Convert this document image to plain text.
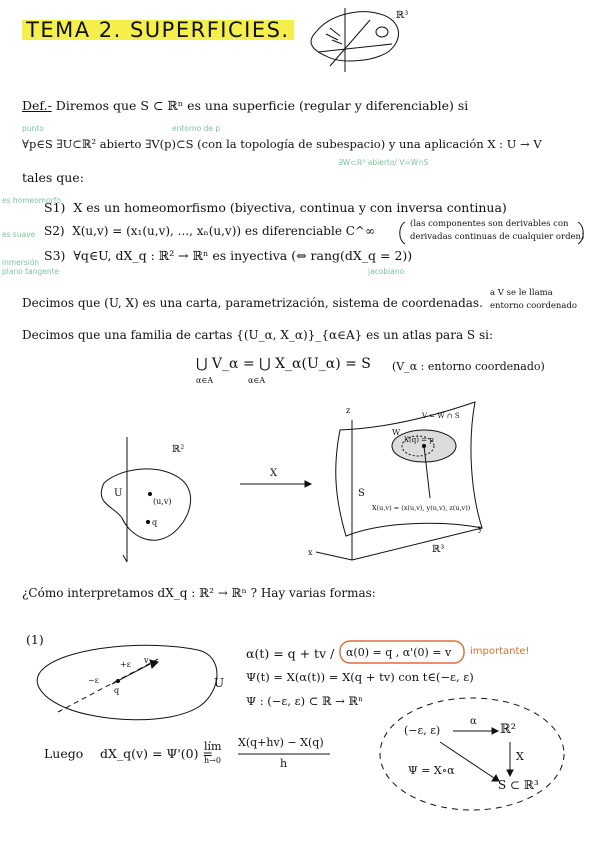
TEMA 2. SUPERFICIES.
ℝ³
Def.- Diremos que S ⊂ ℝⁿ es una superficie (regular y diferenciable) si
punto	entorno de p
∀p∈S ∃U⊂ℝ² abierto ∃V(p)⊂S (con la topología de subespacio) y una aplicación X : U → V
∃W⊂ℝ³ abierto/ V=W∩S
tales que:
es homeomorfo
S1) X es un homeomorfismo (biyectiva, continua y con inversa continua)
es suave S2) X(u,v) = (x₁(u,v), ..., xₙ(u,v)) es diferenciable C^∞	(las componentes son derivables con
derivadas continuas de cualquier orden)
inmersión
plano tangente
S3) ∀q∈U, dX_q : ℝ² → ℝⁿ es inyectiva (⇔ rang(dX_q = 2))
jacobiano
Decimos que (U, X) es una carta, parametrización, sistema de coordenadas.
a V se le llama
entorno coordenado
Decimos que una familia de cartas {(U_α, X_α)}_{α∈A} es un atlas para S si:
⋃ V_α = ⋃ X_α(U_α) = S
α∈A	α∈A
(V_α : entorno coordenado)
ℝ²
U
(u,v)
q
X
S
W
V = W ∩ S
X(q) = p
X(u,v) = (x(u,v), y(u,v), z(u,v))
z
x
y
ℝ³
¿Cómo interpretamos dX_q : ℝ² → ℝⁿ ? Hay varias formas:
(1)
α(t) = q + tv / α(0) = q , α'(0) = v importante!
Ψ(t) = X(α(t)) = X(q + tv) con t∈(−ε, ε)
Ψ : (−ε, ε) ⊂ ℝ → ℝⁿ
U
+ε
−ε
v
q
Luego dX_q(v) = Ψ'(0) =
lím
h→0
X(q+hv) − X(q)
h
(−ε, ε)
α
ℝ²
X
Ψ = X∘α
S ⊂ ℝ³
